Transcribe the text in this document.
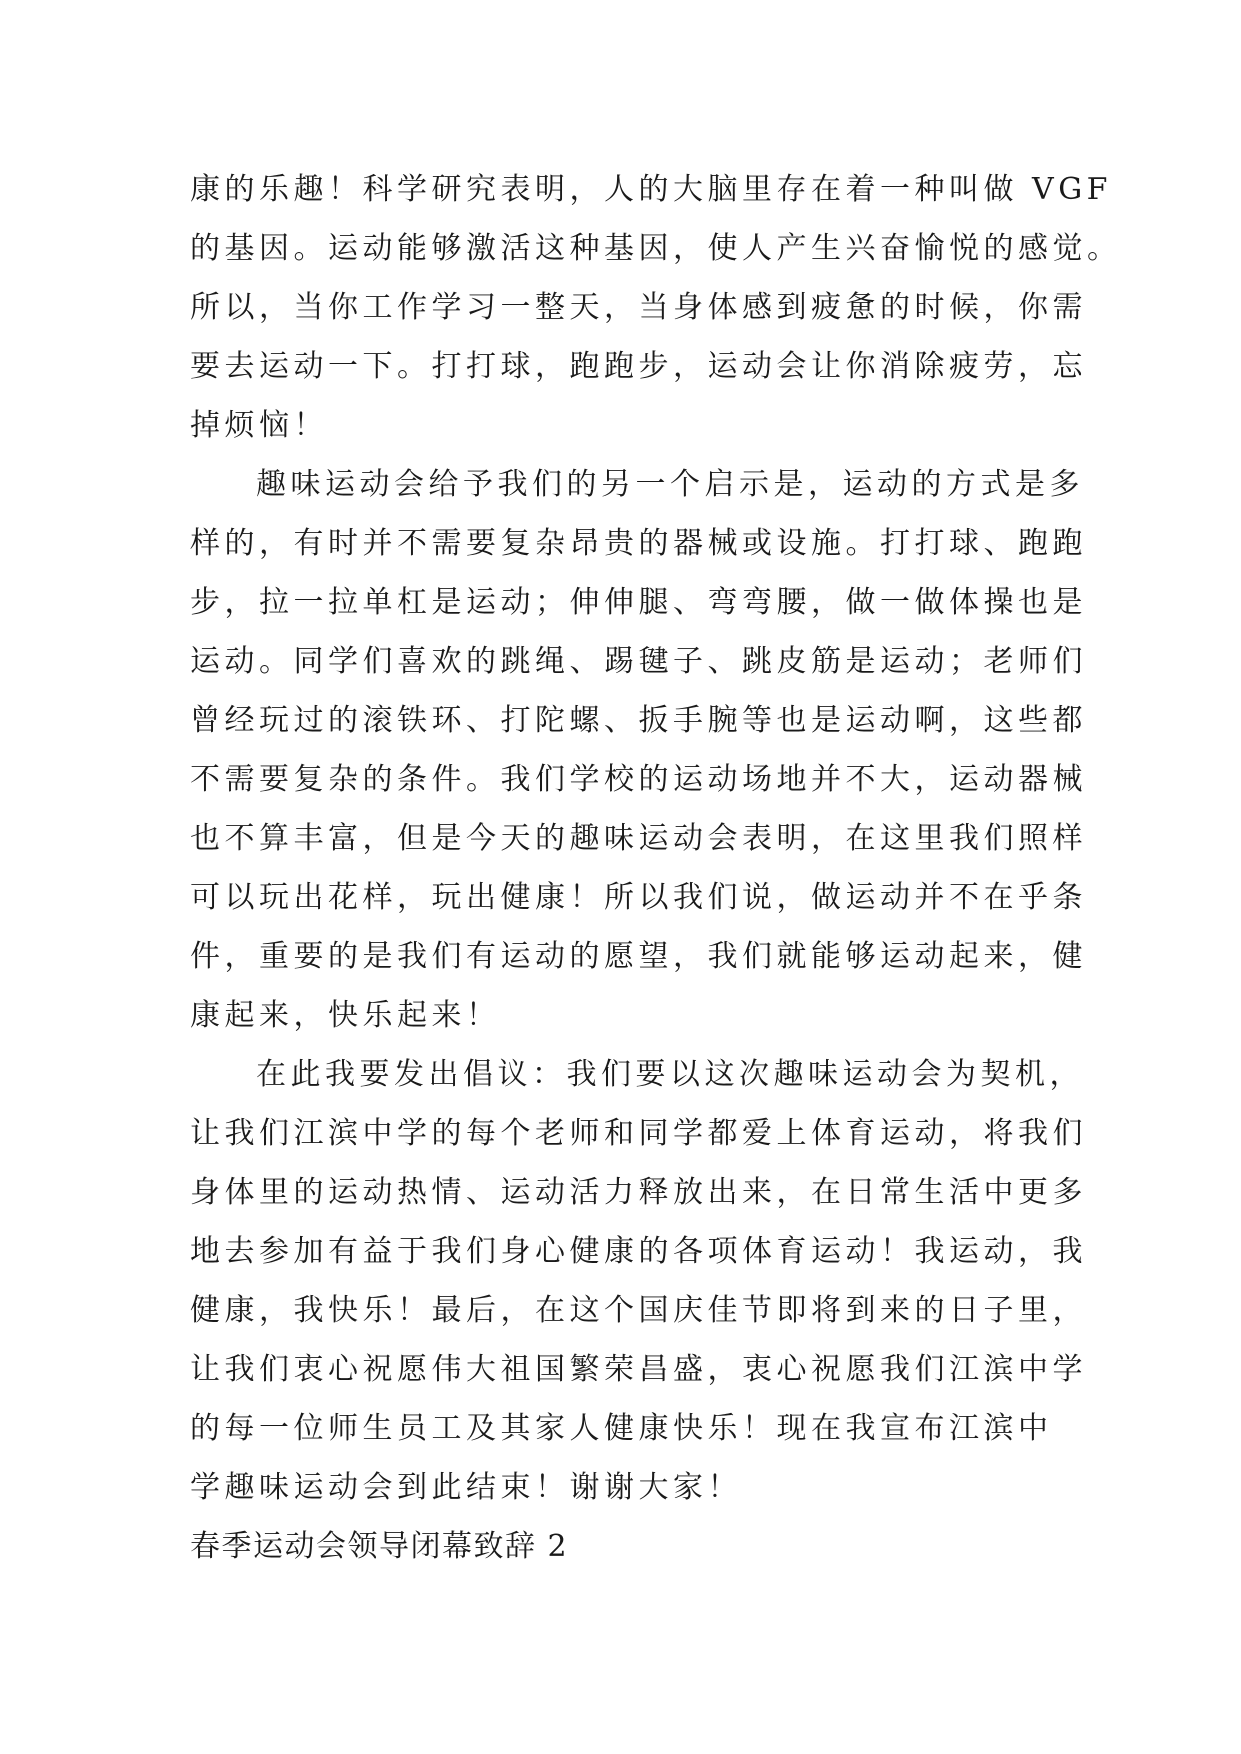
康的乐趣！科学研究表明，人的大脑里存在着一种叫做 VGF
的基因。运动能够激活这种基因，使人产生兴奋愉悦的感觉。
所以，当你工作学习一整天，当身体感到疲惫的时候，你需
要去运动一下。打打球，跑跑步，运动会让你消除疲劳，忘
掉烦恼！
趣味运动会给予我们的另一个启示是，运动的方式是多
样的，有时并不需要复杂昂贵的器械或设施。打打球、跑跑
步，拉一拉单杠是运动；伸伸腿、弯弯腰，做一做体操也是
运动。同学们喜欢的跳绳、踢毽子、跳皮筋是运动；老师们
曾经玩过的滚铁环、打陀螺、扳手腕等也是运动啊，这些都
不需要复杂的条件。我们学校的运动场地并不大，运动器械
也不算丰富，但是今天的趣味运动会表明，在这里我们照样
可以玩出花样，玩出健康！所以我们说，做运动并不在乎条
件，重要的是我们有运动的愿望，我们就能够运动起来，健
康起来，快乐起来！
在此我要发出倡议：我们要以这次趣味运动会为契机，
让我们江滨中学的每个老师和同学都爱上体育运动，将我们
身体里的运动热情、运动活力释放出来，在日常生活中更多
地去参加有益于我们身心健康的各项体育运动！我运动，我
健康，我快乐！最后，在这个国庆佳节即将到来的日子里，
让我们衷心祝愿伟大祖国繁荣昌盛，衷心祝愿我们江滨中学
的每一位师生员工及其家人健康快乐！现在我宣布江滨中
学趣味运动会到此结束！谢谢大家！
春季运动会领导闭幕致辞 2
